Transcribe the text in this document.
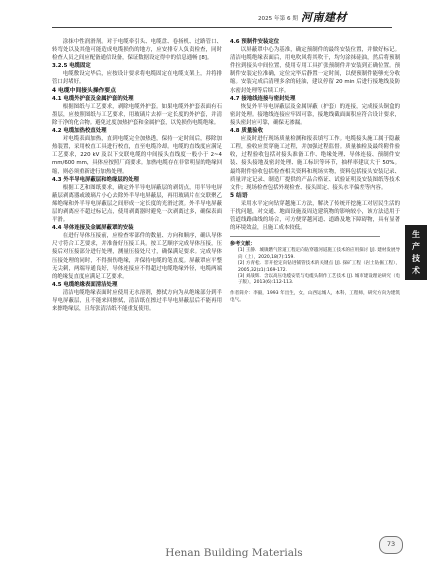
2025 年第 6 期 河南建材

涂抹中性润滑剂。对于电缆牵引头、电缆盘、卷扬机、过路管口、转弯处以及其他可能造成电缆损伤的地方，应安排专人负责检查，同时检查人员之间应配备通信设备，保证数据设定得中的信息通畅 [8]。

3.2.5 电缆固定

电缆敷设完毕后，应按设计要求将电缆固定在电缆支架上，并将排管口封堵好。

4 电缆中间接头操作要点

4.1 电缆外护套及金属护套的处理

根据图纸与工艺要求，剥除电缆外护套。如果电缆外护套表面有石墨层，应按照图纸与工艺要求，用玻璃片去掉一定长度的外护套，并清除干净的化合物。避免过度加热护套和金属护套，以免损伤电缆绝缘。

4.2 电缆加热校直处理

对电缆表面加热，直到电缆完全加热透，保持一定时间后，移除加热装置，采用校直工具进行校直，直至电缆冷却。电缆的直线度应满足工艺要求，220 kV 及以下交联电缆的中间接头直线度一般小于 2~4 mm/600 mm，具体应按照厂商要求。加热电缆存在非常明显的绝缘回缩，则必须重新进行加热处理。

4.3 外半导电屏蔽层和绝缘层的处理

根据工艺和图纸要求，确定外半导电屏蔽层的剥切点，用半导电屏蔽层剥离器或玻璃片小心去除外半导电屏蔽层，再用玻璃片在交联聚乙烯绝缘和外半导电屏蔽层之间形成一定长度的光滑过渡。外半导电屏蔽层的剥离应不超过标记点，使用剥离器时避免一次剥离过多，确保表面平滑。

4.4 导体连接及金属屏蔽罩的安装

在进行导体压接前，应检查零部件的数量、方向和顺序，确认导体尺寸符合工艺要求，并准备好压接工具。按工艺顺序完成导体压接，压接后对压接部分进行处理，测量压接处尺寸，确保满足要求。完成导体压接处理的同时，不得损伤绝缘，并保持电缆的笔直度。屏蔽罩应平整无尖刺，两端导通良好，导体连接应不得超过电缆绝缘外径，电缆两端的绝缘复直度应满足工艺要求。

4.5 电缆绝缘表面清洁处理

清洁电缆绝缘表面时应使用无水溶剂，擦拭方向为从绝缘部分到半导电屏蔽层，且不能来回擦拭，清洁纸在擦过半导电屏蔽层后不能再用来擦绝缘层，且每张清洁纸不能重复使用。

4.6 预制件安装定位

以屏蔽罩中心为基准，确定预制件的最终安装位置，并做好标记。清洁电缆绝缘表面后，用电吹风将其吹干，均匀涂抹硅油，然后将预制件拉到接头中间位置，使用专用工具扩张预制件并安装到正确位置。预制件安装定位准确，定位完毕后静置一定时间，以便预制件能够充分收缩。安装完成后清理多余的硅油，建议停留 20 min 后进行接地线及防水密封处理等后续工序。

4.7 接地线连接与密封处理

恢复外半导电屏蔽层及金属屏蔽（护套）的连接，完成接头铜盒的密封处理。接地线连接应牢固可靠，接地线截面面积应符合设计要求，接头密封应可靠，确保无渗漏。

4.8 质量验收

应及时进行现场质量检测和报表填写工作。电缆接头施工属于隐蔽工程，验收应贯穿施工过程，并加强过程监督。质量抽检及最终附件验收，过程验收包括对接头准备工作、绝缘处理、导体连接、预制件安装、接头接地及密封处理、施工标识等环节，抽样率建议大于 50%。最终附件验收包括检查相关资料和现场实物，资料包括接头安装记录、质量评定记录、制造厂提供的产品合格证、试验证明及安装图纸等技术文件；现场检查包括外观检查、接头固定、接头水平偏差等内容。

5 结语

采用水平定向钻穿越施工方法，解决了传统开挖施工对居民生活的干扰问题，对交通、地面设施及周边建筑物的影响较小，该方法适用于管道线路曲线的场合，可方便穿越河道、道路及地下障碍物，具有显著的环境效益，且施工成本较低。

参考文献：

[1] 王静．城镇燃气管道工程定向钻穿越河道施工技术的应用探讨 [J]. 建材发展导向（上），2020,18(7):159.

[2] 方青松．非开挖定向钻进铺管技术的关键点 [J]. 探矿工程（岩土钻掘工程），2005,32(z1):169-172.

[3] 刘战辉．含以高压电缆安装与电缆头制作工艺技术 [J]. 城市建设理论研究（电子版），2013(6):112-113.

作者简介：李毅，1993 年出生，女，山西运城人，本科，工程师，研究方向为建筑电气。

生
产
技
术
Henan Building Materials
73
